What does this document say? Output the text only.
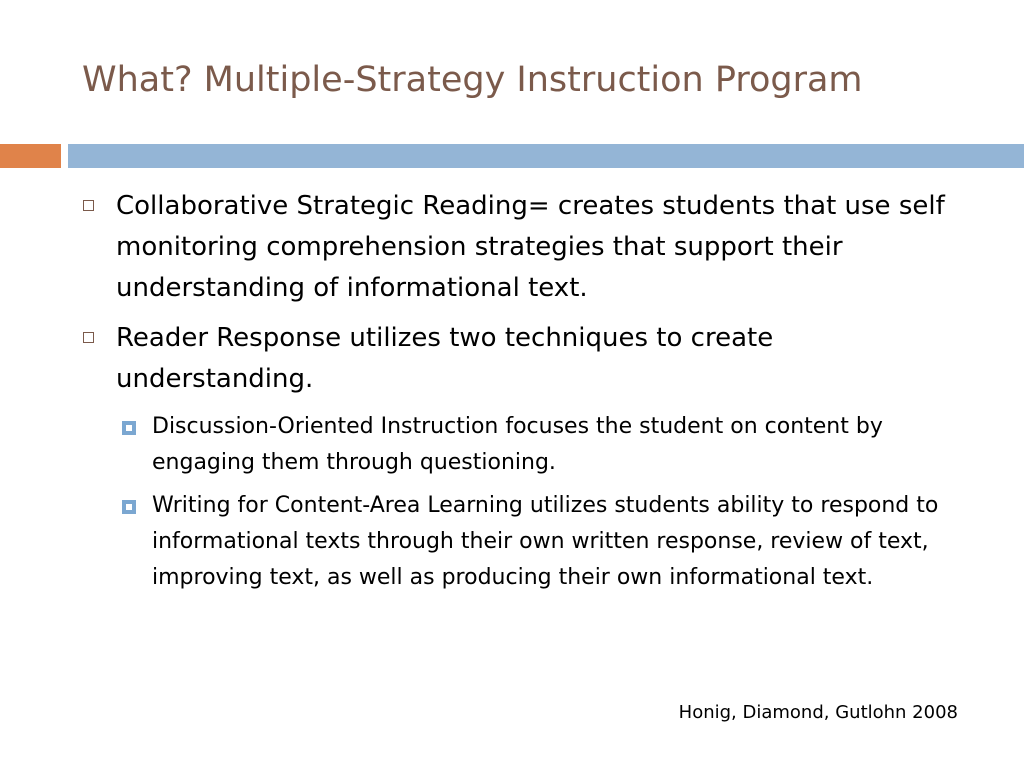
What? Multiple-Strategy Instruction Program
Collaborative Strategic Reading= creates students that use self monitoring comprehension strategies that support their understanding of informational text.
Reader Response utilizes two techniques to create understanding.
Discussion-Oriented Instruction focuses the student on content by engaging them through questioning.
Writing for Content-Area Learning utilizes students ability to respond to informational texts through their own written response, review of text, improving text, as well as producing their own informational text.
Honig, Diamond, Gutlohn 2008
